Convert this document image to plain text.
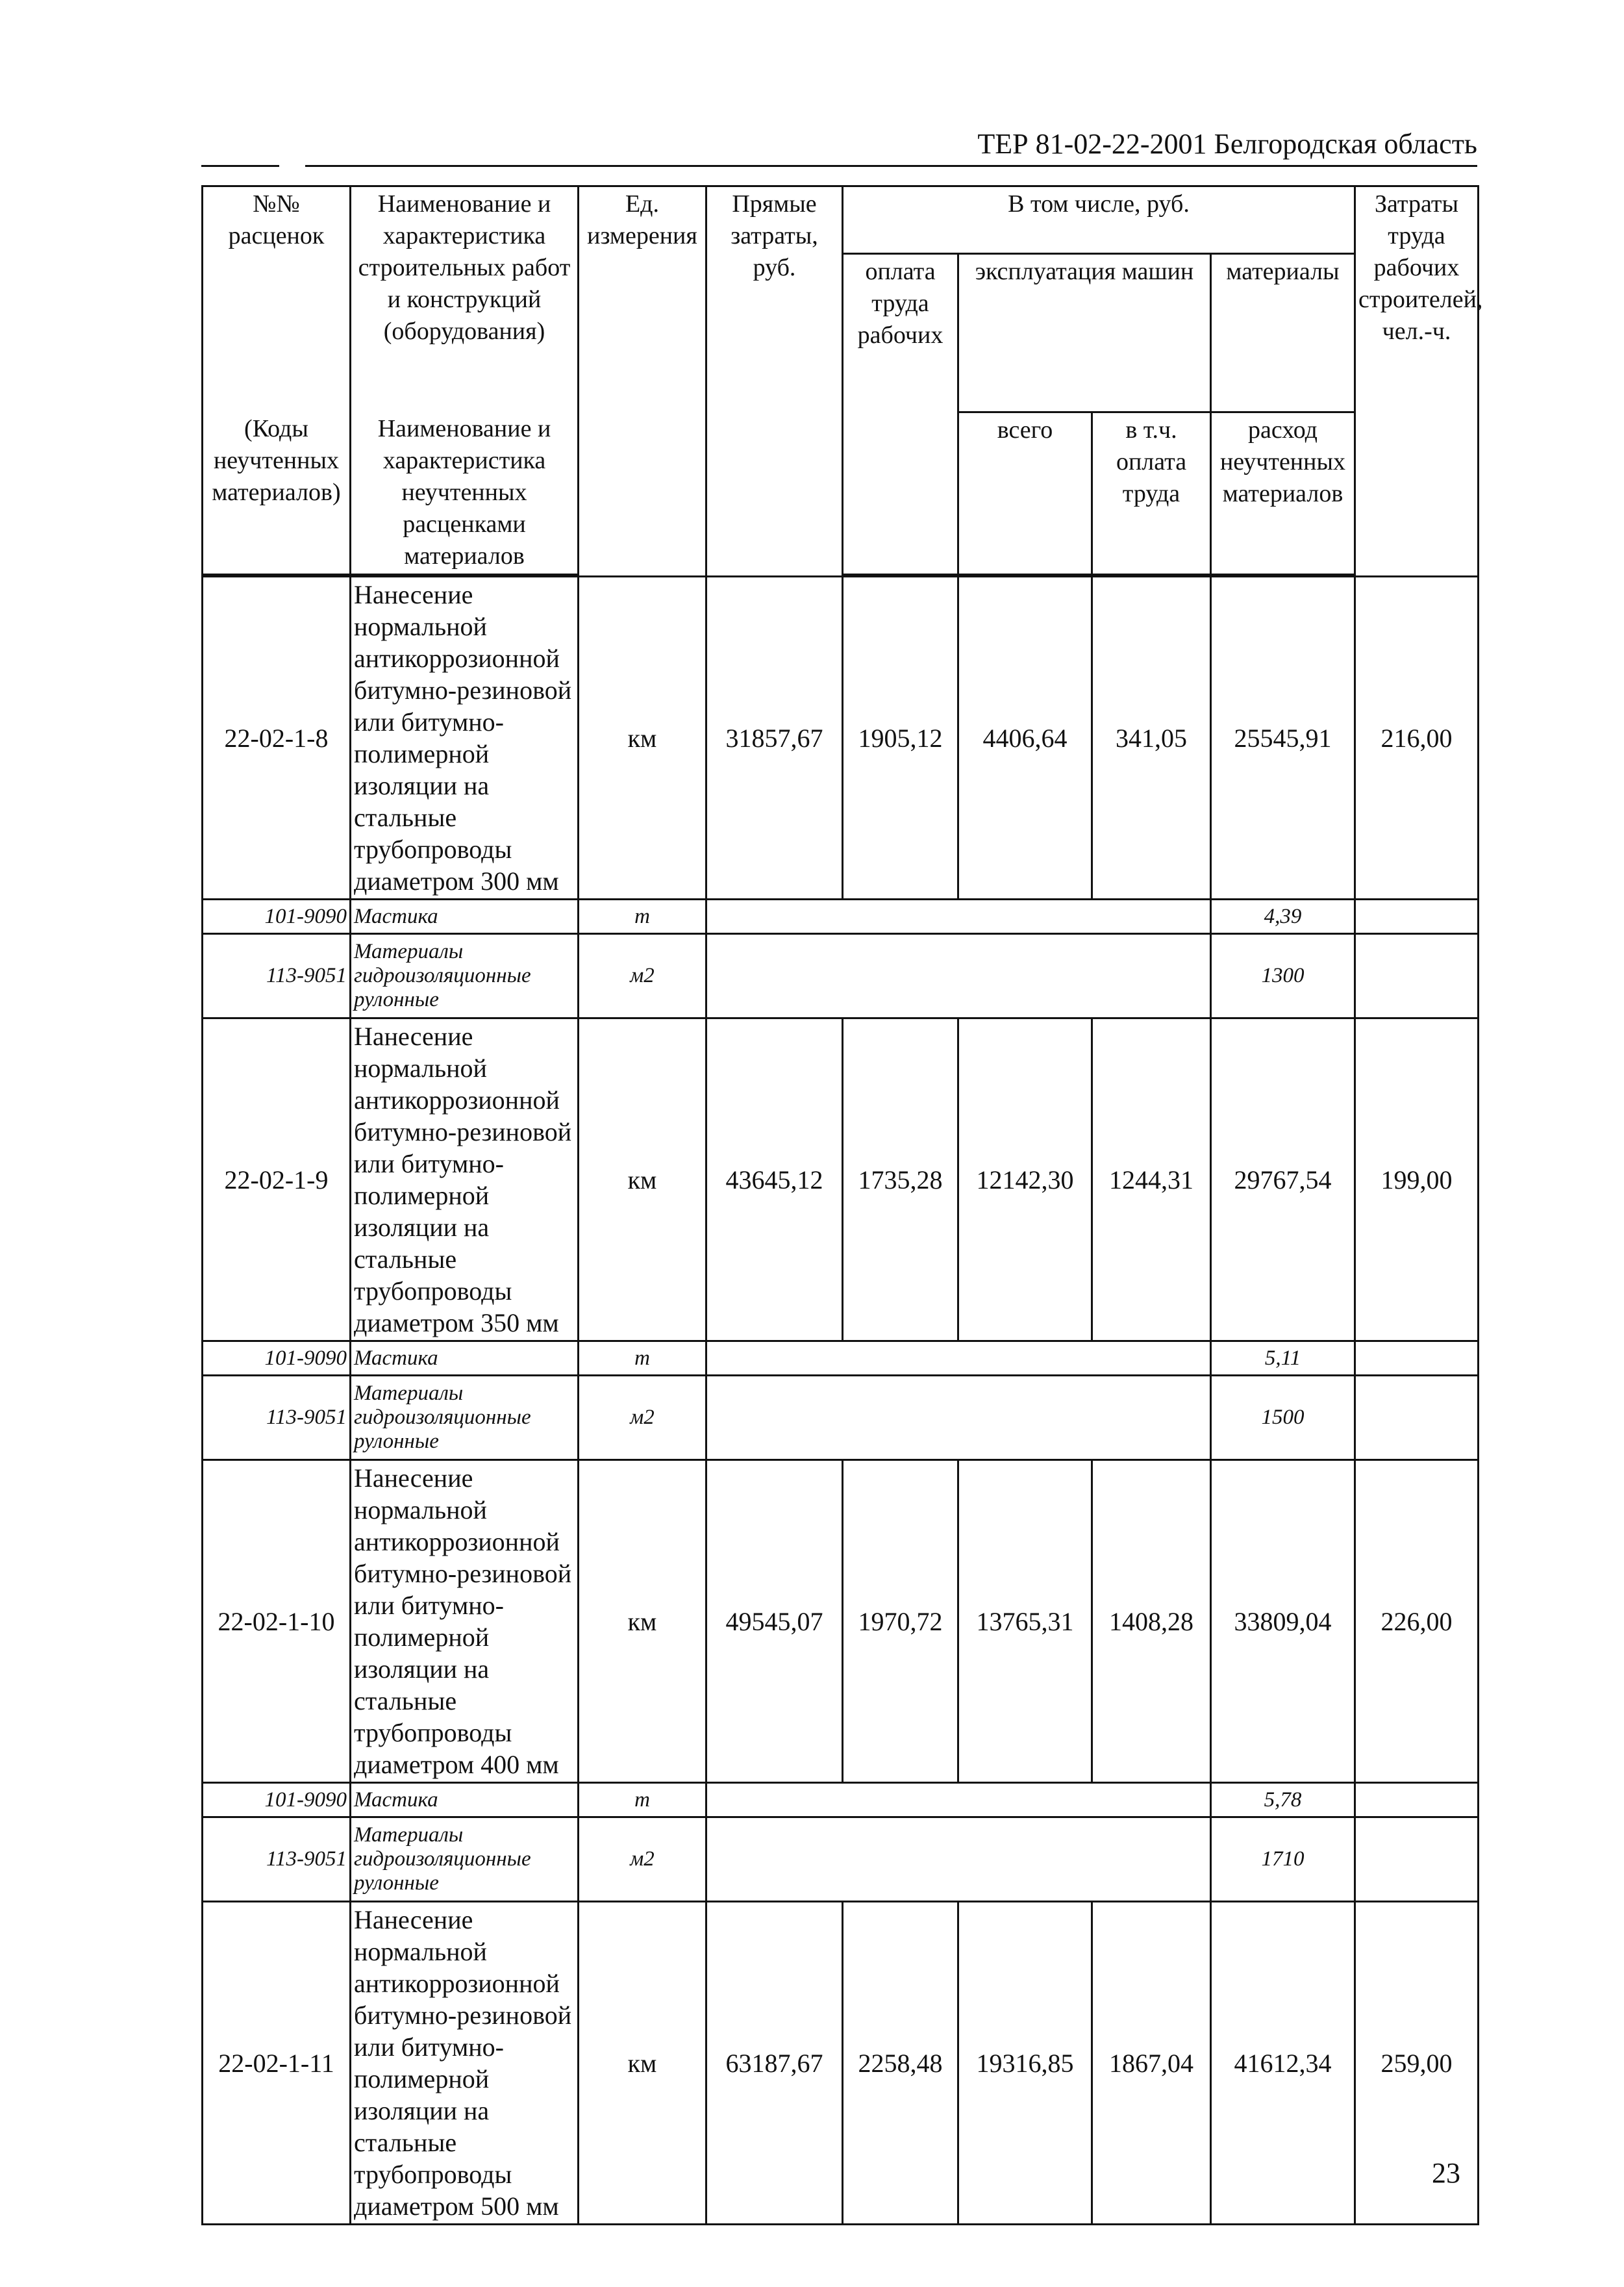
ТЕР 81-02-22-2001 Белгородская область
№№ расценок	Наименование и характеристика строительных работ и конструкций (оборудования)	Ед. измерения	Прямые затраты, руб.	В том числе, руб.				Затраты труда рабочих строителей, чел.-ч.
				оплата труда рабочих	эксплуатация машин		материалы	
(Коды неучтенных материалов)	Наименование и характеристика неучтенных расценками материалов				всего	в т.ч. оплата труда	расход неучтенных материалов	

22-02-1-8	Нанесение нормальной антикоррозионной битумно-резиновой или битумно-полимерной изоляции на стальные трубопроводы диаметром 300 мм	км	31857,67	1905,12	4406,64	341,05	25545,91	216,00
101-9090	Мастика	т					4,39	
113-9051	Материалы гидроизоляционные рулонные	м2					1300	
22-02-1-9	Нанесение нормальной антикоррозионной битумно-резиновой или битумно-полимерной изоляции на стальные трубопроводы диаметром 350 мм	км	43645,12	1735,28	12142,30	1244,31	29767,54	199,00
101-9090	Мастика	т					5,11	
113-9051	Материалы гидроизоляционные рулонные	м2					1500	
22-02-1-10	Нанесение нормальной антикоррозионной битумно-резиновой или битумно-полимерной изоляции на стальные трубопроводы диаметром 400 мм	км	49545,07	1970,72	13765,31	1408,28	33809,04	226,00
101-9090	Мастика	т					5,78	
113-9051	Материалы гидроизоляционные рулонные	м2					1710	
22-02-1-11	Нанесение нормальной антикоррозионной битумно-резиновой или битумно-полимерной изоляции на стальные трубопроводы диаметром 500 мм	км	63187,67	2258,48	19316,85	1867,04	41612,34	259,00
23
